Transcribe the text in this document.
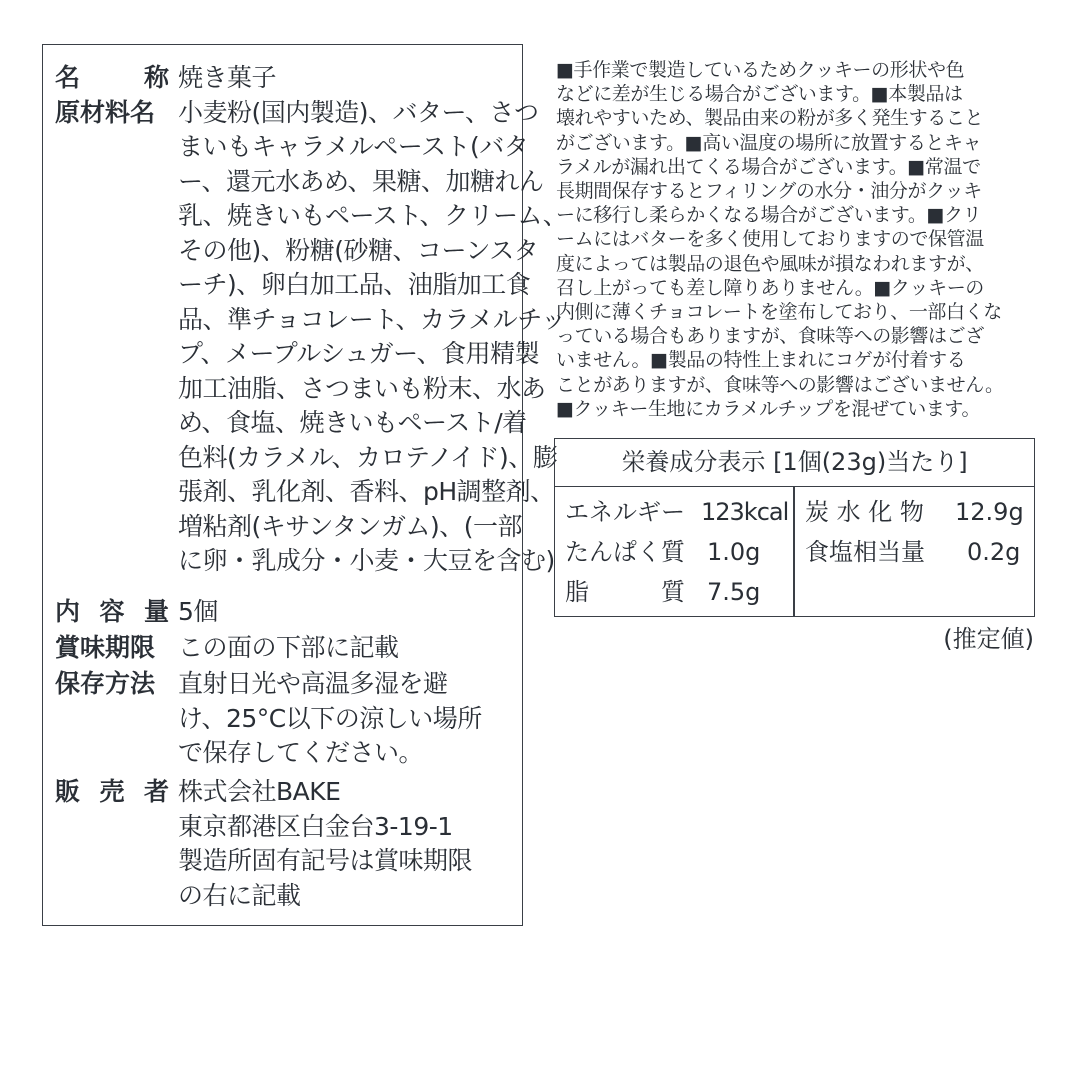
名	称 焼き菓子
原材料名 小麦粉(国内製造)、バター、さつ
まいもキャラメルペースト(バタ
ー、還元水あめ、果糖、加糖れん
乳、焼きいもペースト、クリーム、
その他)、粉糖(砂糖、コーンスタ
ーチ)、卵白加工品、油脂加工食
品、準チョコレート、カラメルチッ
プ、メープルシュガー、食用精製
加工油脂、さつまいも粉末、水あ
め、食塩、焼きいもペースト/着
色料(カラメル、カロテノイド)、膨
張剤、乳化剤、香料、pH調整剤、
増粘剤(キサンタンガム)、(一部
に卵・乳成分・小麦・大豆を含む)
内 容 量 5個
賞味期限 この面の下部に記載
保存方法 直射日光や高温多湿を避
け、25°C以下の涼しい場所
で保存してください。
販 売 者 株式会社BAKE
東京都港区白金台3-19-1
製造所固有記号は賞味期限
の右に記載
■手作業で製造しているためクッキーの形状や色
などに差が生じる場合がございます。■本製品は
壊れやすいため、製品由来の粉が多く発生すること
がございます。■高い温度の場所に放置するとキャ
ラメルが漏れ出てくる場合がございます。■常温で
長期間保存するとフィリングの水分・油分がクッキ
ーに移行し柔らかくなる場合がございます。■クリ
ームにはバターを多く使用しておりますので保管温
度によっては製品の退色や風味が損なわれますが、
召し上がっても差し障りありません。■クッキーの
内側に薄くチョコレートを塗布しており、一部白くな
っている場合もありますが、食味等への影響はござ
いません。■製品の特性上まれにコゲが付着する
ことがありますが、食味等への影響はございません。
■クッキー生地にカラメルチップを混ぜています。
栄養成分表示 [1個(23g)当たり]
エネルギー 123kcal
たんぱく質 1.0g
脂　　　質 7.5g
炭 水 化 物 12.9g
食塩相当量 0.2g
(推定値)
